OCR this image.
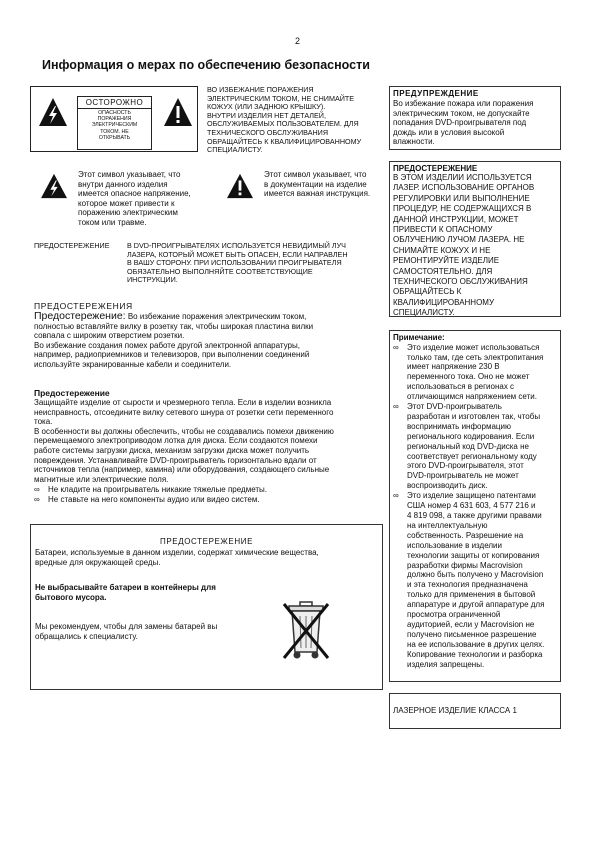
2
Информация о мерах по обеспечению безопасности
ОСТОРОЖНО
ОПАСНОСТЬ
ПОРАЖЕНИЯ
ЭЛЕКТРИЧЕСКИМ
ТОКОМ. НЕ
ОТКРЫВАТЬ
ВО ИЗБЕЖАНИЕ ПОРАЖЕНИЯ
ЭЛЕКТРИЧЕСКИМ ТОКОМ, НЕ СНИМАЙТЕ
КОЖУХ (ИЛИ ЗАДНЮЮ КРЫШКУ).
ВНУТРИ ИЗДЕЛИЯ НЕТ ДЕТАЛЕЙ,
ОБСЛУЖИВАЕМЫХ ПОЛЬЗОВАТЕЛЕМ. ДЛЯ
ТЕХНИЧЕСКОГО ОБСЛУЖИВАНИЯ
ОБРАЩАЙТЕСЬ К КВАЛИФИЦИРОВАННОМУ
СПЕЦИАЛИСТУ.
Этот символ указывает, что
внутри данного изделия
имеется опасное напряжение,
которое может привести к
поражению электрическим
током или травме.
Этот символ указывает, что
в документации на изделие
имеется важная инструкция.
ПРЕДОСТЕРЕЖЕНИЕ В DVD-ПРОИГРЫВАТЕЛЯХ ИСПОЛЬЗУЕТСЯ НЕВИДИМЫЙ ЛУЧ
ЛАЗЕРА, КОТОРЫЙ МОЖЕТ БЫТЬ ОПАСЕН, ЕСЛИ НАПРАВЛЕН
В ВАШУ СТОРОНУ. ПРИ ИСПОЛЬЗОВАНИИ ПРОИГРЫВАТЕЛЯ
ОБЯЗАТЕЛЬНО ВЫПОЛНЯЙТЕ СООТВЕТСТВУЮЩИЕ
ИНСТРУКЦИИ.
ПРЕДОСТЕРЕЖЕНИЯ
Предостережение: Во избежание поражения электрическим током,
полностью вставляйте вилку в розетку так, чтобы широкая пластина вилки
совпала с широким отверстием розетки.
Во избежание создания помех работе другой электронной аппаратуры,
например, радиоприемников и телевизоров, при выполнении соединений
используйте экранированные кабели и соединители.
Предостережение
Защищайте изделие от сырости и чрезмерного тепла. Если в изделии возникла
неисправность, отсоедините вилку сетевого шнура от розетки сети переменного
тока.
В особенности вы должны обеспечить, чтобы не создавались помехи движению
перемещаемого электроприводом лотка для диска. Если создаются помехи
работе системы загрузки диска, механизм загрузки диска может получить
повреждения. Устанавливайте DVD-проигрыватель горизонтально вдали от
источников тепла (например, камина) или оборудования, создающего сильные
магнитные или электрические поля.
∞ Не кладите на проигрыватель никакие тяжелые предметы.
∞ Не ставьте на него компоненты аудио или видео систем.
ПРЕДОСТЕРЕЖЕНИЕ
Батареи, используемые в данном изделии, содержат химические вещества,
вредные для окружающей среды.
Не выбрасывайте батареи в контейнеры для
бытового мусора.
Мы рекомендуем, чтобы для замены батарей вы
обращались к специалисту.
ПРЕДУПРЕЖДЕНИЕ
Во избежание пожара или поражения
электрическим током, не допускайте
попадания DVD-проигрывателя под
дождь или в условия высокой
влажности.
ПРЕДОСТЕРЕЖЕНИЕ
В ЭТОМ ИЗДЕЛИИ ИСПОЛЬЗУЕТСЯ
ЛАЗЕР. ИСПОЛЬЗОВАНИЕ ОРГАНОВ
РЕГУЛИРОВКИ ИЛИ ВЫПОЛНЕНИЕ
ПРОЦЕДУР, НЕ СОДЕРЖАЩИХСЯ В
ДАННОЙ ИНСТРУКЦИИ, МОЖЕТ
ПРИВЕСТИ К ОПАСНОМУ
ОБЛУЧЕНИЮ ЛУЧОМ ЛАЗЕРА. НЕ
СНИМАЙТЕ КОЖУХ И НЕ
РЕМОНТИРУЙТЕ ИЗДЕЛИЕ
САМОСТОЯТЕЛЬНО. ДЛЯ
ТЕХНИЧЕСКОГО ОБСЛУЖИВАНИЯ
ОБРАЩАЙТЕСЬ К
КВАЛИФИЦИРОВАННОМУ
СПЕЦИАЛИСТУ.
Примечание:
∞ Это изделие может использоваться
только там, где сеть электропитания
имеет напряжение 230 В
переменного тока. Оно не может
использоваться в регионах с
отличающимся напряжением сети.
∞ Этот DVD-проигрыватель
разработан и изготовлен так, чтобы
воспринимать информацию
регионального кодирования. Если
региональный код DVD-диска не
соответствует региональному коду
этого DVD-проигрывателя, этот
DVD-проигрыватель не может
воспроизводить диск.
∞ Это изделие защищено патентами
США номер 4 631 603, 4 577 216 и
4 819 098, а также другими правами
на интеллектуальную
собственность. Разрешение на
использование в изделии
технологии защиты от копирования
разработки фирмы Macrovision
должно быть получено у Macrovision
и эта технология предназначена
только для применения в бытовой
аппаратуре и другой аппаратуре для
просмотра ограниченной
аудиторией, если у Macrovision не
получено письменное разрешение
на ее использование в других целях.
Копирование технологии и разборка
изделия запрещены.
ЛАЗЕРНОЕ ИЗДЕЛИЕ КЛАССА 1
